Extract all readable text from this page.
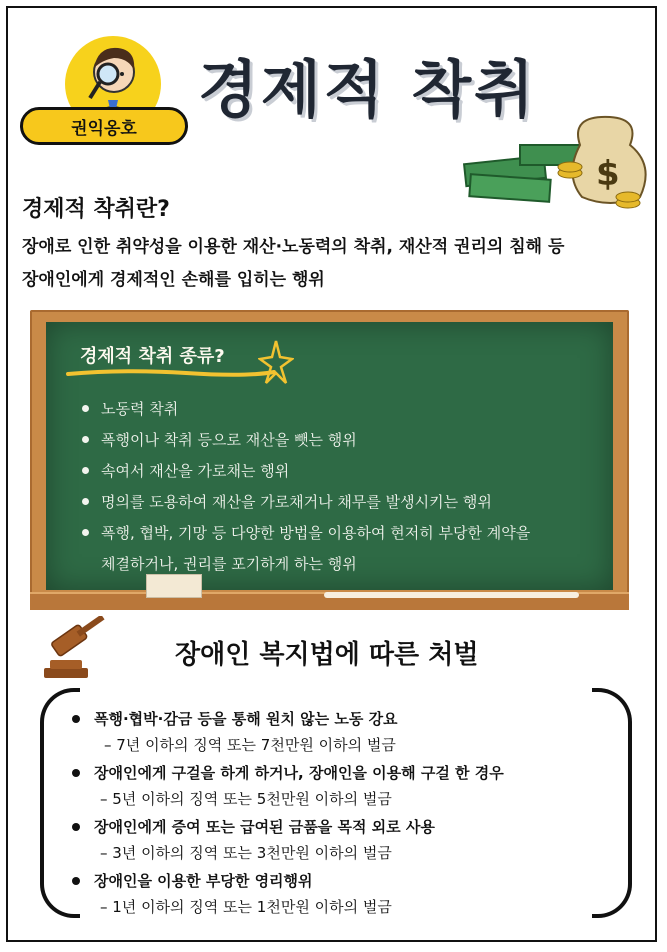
권익옹호
경제적 착취
$
경제적 착취란?
장애로 인한 취약성을 이용한 재산·노동력의 착취, 재산적 권리의 침해 등
장애인에게 경제적인 손해를 입히는 행위
경제적 착취 종류?
노동력 착취
폭행이나 착취 등으로 재산을 뺏는 행위
속여서 재산을 가로채는 행위
명의를 도용하여 재산을 가로채거나 채무를 발생시키는 행위
폭행, 협박, 기망 등 다양한 방법을 이용하여 현저히 부당한 계약을
체결하거나, 권리를 포기하게 하는 행위
장애인 복지법에 따른 처벌
폭행·협박·감금 등을 통해 원치 않는 노동 강요
– 7년 이하의 징역 또는 7천만원 이하의 벌금
장애인에게 구걸을 하게 하거나, 장애인을 이용해 구걸 한 경우
– 5년 이하의 징역 또는 5천만원 이하의 벌금
장애인에게 증여 또는 급여된 금품을 목적 외로 사용
– 3년 이하의 징역 또는 3천만원 이하의 벌금
장애인을 이용한 부당한 영리행위
– 1년 이하의 징역 또는 1천만원 이하의 벌금
